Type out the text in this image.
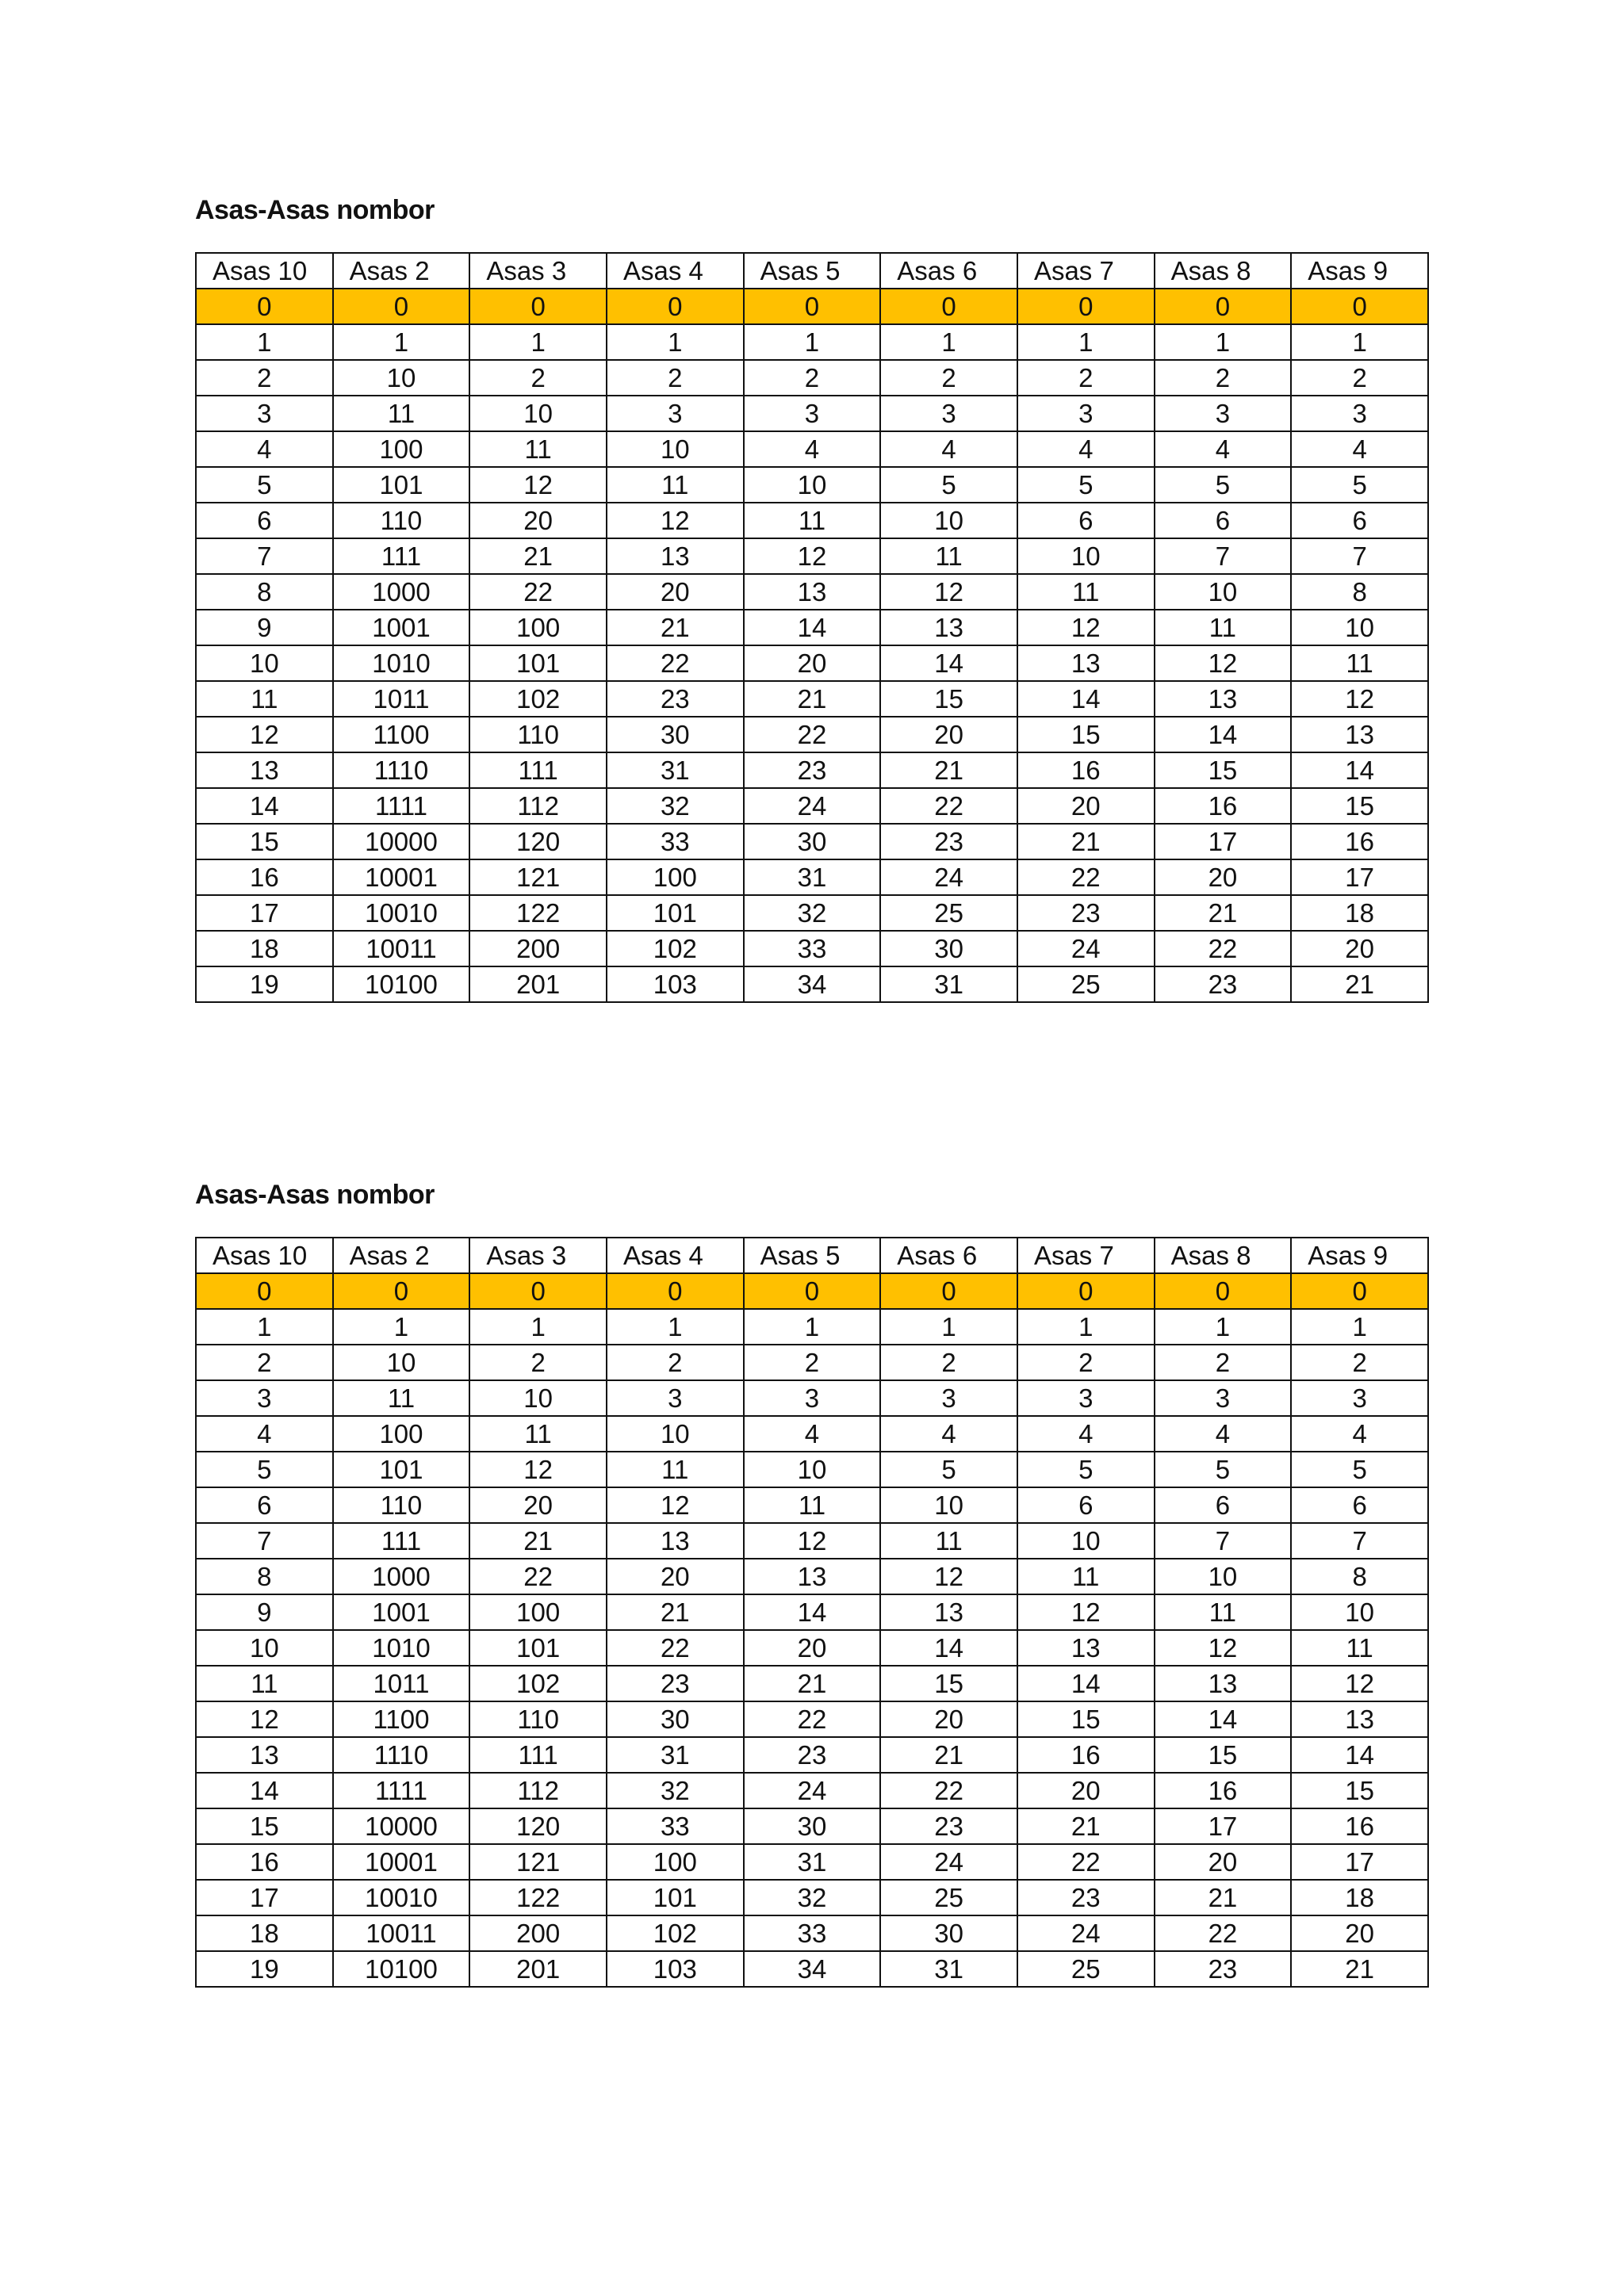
Asas-Asas nombor
Asas 10	Asas 2	Asas 3	Asas 4	Asas 5	Asas 6	Asas 7	Asas 8	Asas 9
0	0	0	0	0	0	0	0	0
1	1	1	1	1	1	1	1	1
2	10	2	2	2	2	2	2	2
3	11	10	3	3	3	3	3	3
4	100	11	10	4	4	4	4	4
5	101	12	11	10	5	5	5	5
6	110	20	12	11	10	6	6	6
7	111	21	13	12	11	10	7	7
8	1000	22	20	13	12	11	10	8
9	1001	100	21	14	13	12	11	10
10	1010	101	22	20	14	13	12	11
11	1011	102	23	21	15	14	13	12
12	1100	110	30	22	20	15	14	13
13	1110	111	31	23	21	16	15	14
14	1111	112	32	24	22	20	16	15
15	10000	120	33	30	23	21	17	16
16	10001	121	100	31	24	22	20	17
17	10010	122	101	32	25	23	21	18
18	10011	200	102	33	30	24	22	20
19	10100	201	103	34	31	25	23	21
Asas-Asas nombor
Asas 10	Asas 2	Asas 3	Asas 4	Asas 5	Asas 6	Asas 7	Asas 8	Asas 9
0	0	0	0	0	0	0	0	0
1	1	1	1	1	1	1	1	1
2	10	2	2	2	2	2	2	2
3	11	10	3	3	3	3	3	3
4	100	11	10	4	4	4	4	4
5	101	12	11	10	5	5	5	5
6	110	20	12	11	10	6	6	6
7	111	21	13	12	11	10	7	7
8	1000	22	20	13	12	11	10	8
9	1001	100	21	14	13	12	11	10
10	1010	101	22	20	14	13	12	11
11	1011	102	23	21	15	14	13	12
12	1100	110	30	22	20	15	14	13
13	1110	111	31	23	21	16	15	14
14	1111	112	32	24	22	20	16	15
15	10000	120	33	30	23	21	17	16
16	10001	121	100	31	24	22	20	17
17	10010	122	101	32	25	23	21	18
18	10011	200	102	33	30	24	22	20
19	10100	201	103	34	31	25	23	21
